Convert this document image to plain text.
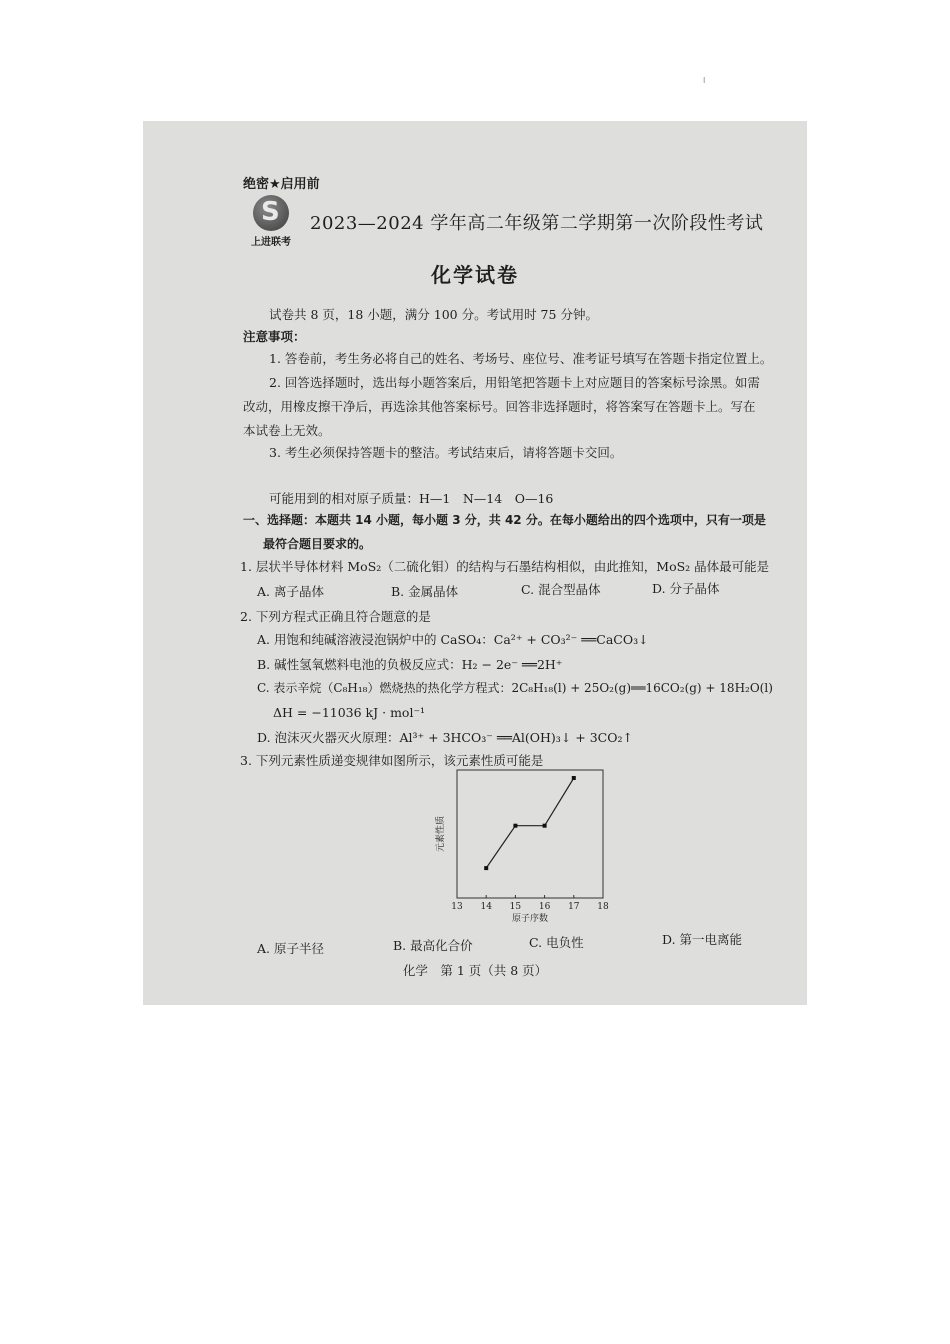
I
绝密★启用前
S
上进联考
2023—2024 学年高二年级第二学期第一次阶段性考试
化学试卷
试卷共 8 页，18 小题，满分 100 分。考试用时 75 分钟。
注意事项：
1. 答卷前，考生务必将自己的姓名、考场号、座位号、准考证号填写在答题卡指定位置上。
2. 回答选择题时，选出每小题答案后，用铅笔把答题卡上对应题目的答案标号涂黑。如需
改动，用橡皮擦干净后，再选涂其他答案标号。回答非选择题时，将答案写在答题卡上。写在
本试卷上无效。
3. 考生必须保持答题卡的整洁。考试结束后，请将答题卡交回。
可能用到的相对原子质量：H—1　N—14　O—16
一、选择题：本题共 14 小题，每小题 3 分，共 42 分。在每小题给出的四个选项中，只有一项是
最符合题目要求的。
1. 层状半导体材料 MoS₂（二硫化钼）的结构与石墨结构相似，由此推知，MoS₂ 晶体最可能是
A. 离子晶体	B. 金属晶体	C. 混合型晶体	D. 分子晶体
2. 下列方程式正确且符合题意的是
A. 用饱和纯碱溶液浸泡锅炉中的 CaSO₄：Ca²⁺ + CO₃²⁻ ══CaCO₃↓
B. 碱性氢氧燃料电池的负极反应式：H₂ − 2e⁻ ══2H⁺
C. 表示辛烷（C₈H₁₈）燃烧热的热化学方程式：2C₈H₁₈(l) + 25O₂(g)══16CO₂(g) + 18H₂O(l)
ΔH = −11036 kJ · mol⁻¹
D. 泡沫灭火器灭火原理：Al³⁺ + 3HCO₃⁻ ══Al(OH)₃↓ + 3CO₂↑
3. 下列元素性质递变规律如图所示，该元素性质可能是
13 14 15 16 17 18
原子序数
元素性质
A. 原子半径	B. 最高化合价	C. 电负性	D. 第一电离能
化学　第 1 页（共 8 页）
